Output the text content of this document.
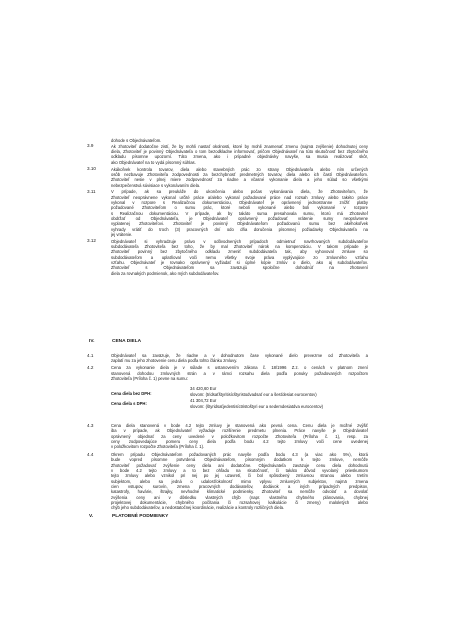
dohode s Objednávateľom.
3.9	Ak zhotoviteľ dodatočne zistí, že by mohli nastať okolnosti, ktoré by mohli znamenať zmenu (najmä zvýšenie) dohodnutej ceny
diela, Zhotoviteľ je povinný Objednávateľa o tom bezodkladne informovať, pričom Objednávateľ na túto skutočnosť bez zbytočného
odkladu písomne upozorní. Táto zmena, ako i prípadné objednávky navyše, sa musia realizovať skôr,
ako Objednávateľ na to vydá písomný súhlas.
3.10	Akákoľvek kontrola tovarov, diela alebo stavebných prác zo strany Objednávateľa alebo ním určených
osôb nezbavuje Zhotoviteľa zodpovednosti za bezchybnosť predmetných tovarov, diela alebo ich častí Objednávateľom.
Zhotoviteľ nesie v plnej miere zodpovednosť za riadne a včasné vykonanie diela a jeho súlad so všetkými
nebezpečenstvá súvisiace s vykonávaním diela.
3.11	V prípade, ak sa preukáže do ukončenia alebo počas vykonávania diela, že Zhotoviteľom, že
Zhotoviteľ neoprávnene vykonal určité práce a/alebo vykonal požadované práce nad rozsah zmluvy alebo takéto práce
vykonal v rozpore s Realizačnou dokumentáciou, Objednávateľ je oprávnený jednostranne znížiť platby
požadované Zhotoviteľom o sumu prác, ktoré neboli vykonané alebo boli vykonané v rozpore
s Realizačnou dokumentáciou. V prípade, ak by takáto suma presahovala sumu, ktorú má Zhotoviteľ
obdržať od Objednávateľa, je Objednávateľ oprávnený požadovať vrátenie sumy neoprávnene
vyplatenej Zhotoviteľovi. Zhotoviteľ je povinný Objednávateľom požadovanú sumu bez akéhokoľvek
vyhrady vrátiť do troch (3) pracovných dní odo dňa doručenia písomnej požiadavky Objednávateľa na
jej vrátenie.
3.12	Objednávateľ si vyhradzuje právo v odôvodnených prípadoch odmietnuť navrhovaných subdodávateľov
subdodávateľa Zhotoviteľa bez toho, že by mal Zhotoviteľ nárok na kompenzáciu. V takom prípade je
Zhotoviteľ povinný bez zbytočného odkladu zmeniť subdodávateľa tak, aby vyhovoval zmluve so
subdodávateľom a uplatňoval voči nemu všetky svoje práva vyplývajúce zo zmluvného vzťahu
vzťahu. Objednávateľ je rovnako oprávnený vyžiadať si úplné kópie zmlúv o dielo, ako aj subdodávateľov.
Zhotoviteľ s Objednávateľom sa zaväzujú spoločne dohodnúť na zhotovení
diela za rovnakých podmienok, ako mých subdodávateľov.
IV.	CENA DIELA
4.1	Objednávateľ sa zaväzuje, že riadne a v dohodnutom čase vykonané dielo prevezme od Zhotoviteľa a
zaplatí mu za jeho zhotovenie cenu diela podľa tohto článku zmluvy.
4.2	Cena za vykonanie diela je v súlade s ustanovením zákona č. 18/1996 Z.z. o cenách v platnom znení
stanovená dohodou zmluvných strán a v rámci rozsahu diela podľa ponuky požadovaných rozpočtom
Zhotoviteľa (Príloha č. 1) pevne na sumu:
Cena diela bez DPH:
34 420,60 Eur
slovom: (tridsaťštyritisícštyristodvadsať eur a šesťdesiat eurocentov)
Cena diela s DPH:
41 304,72 Eur
slovom: (štyridsaťjedentisíctristoštyri eur a sedemdesiatdva eurocentov)
4.3	Cena diela stanovená v bode 4.2 tejto zmluvy je stanovená ako pevná cena. Cenu diela je možné zvýšiť
iba v prípade, ak Objednávateľ vyžaduje rozšírenie predmetu plnenia. Práce navyše je Objednávateľ
oprávnený objednať za ceny uvedené v položkovitom rozpočte Zhotoviteľa (Príloha č. 1), resp. za
ceny zodpovedajúce pomeru ceny diela podľa bodu 4.2 tejto zmluvy voči cene uvedenej
v položkovitom rozpočte Zhotoviteľa (Príloha č. 1).
4.4	Okrem prípadu Objednávateľom požadovaných prác navyše podľa bodu 4.3 (a viac ako 5%), ktorá
bude vopred písomne potvrdená Objednávateľom, písomným dodatkom k tejto zmluve, nemôže
Zhotoviteľ požadovať zvýšenie ceny diela ani dodatočne. Objednávateľa zaväzuje cenu diela dohodnutú
v bode 4.2 tejto zmluvy a to bez ohľadu na skutočnosť, či takáto dôvod vyvolaný prieskumom
tejto zmluvy alebo vznikol pri nej po jej uzavretí, či bol spôsobený zmluvnou stranou alebo tretím
subjektom, alebo sa jedná o udalosť/okolnosť mimo vplyvu zmluvných subjektov, najmä zmena
cien vstupov, surovín, zmena pracovných dodávateľov, dodávok a iných prípadných predpisov,
katastrofy, havárie, štrajky, nevhodné klimatické podmienky. Zhotoviteľ sa nemôže odvolať a dovolať
zvýšenia ceny ani v dôsledku vlastných chýb (napr. vlastného chybného plánovania, chybnej
projektovej dokumentácie, chybného počítania či rozsahovej kalkulácie či zmeny) maloletých alebo
chýb jeho subdodávateľov, a nedostatočnej koordinácie, realizácie a kontroly rozličných diela.
V.	PLATOBNÉ PODMIENKY
